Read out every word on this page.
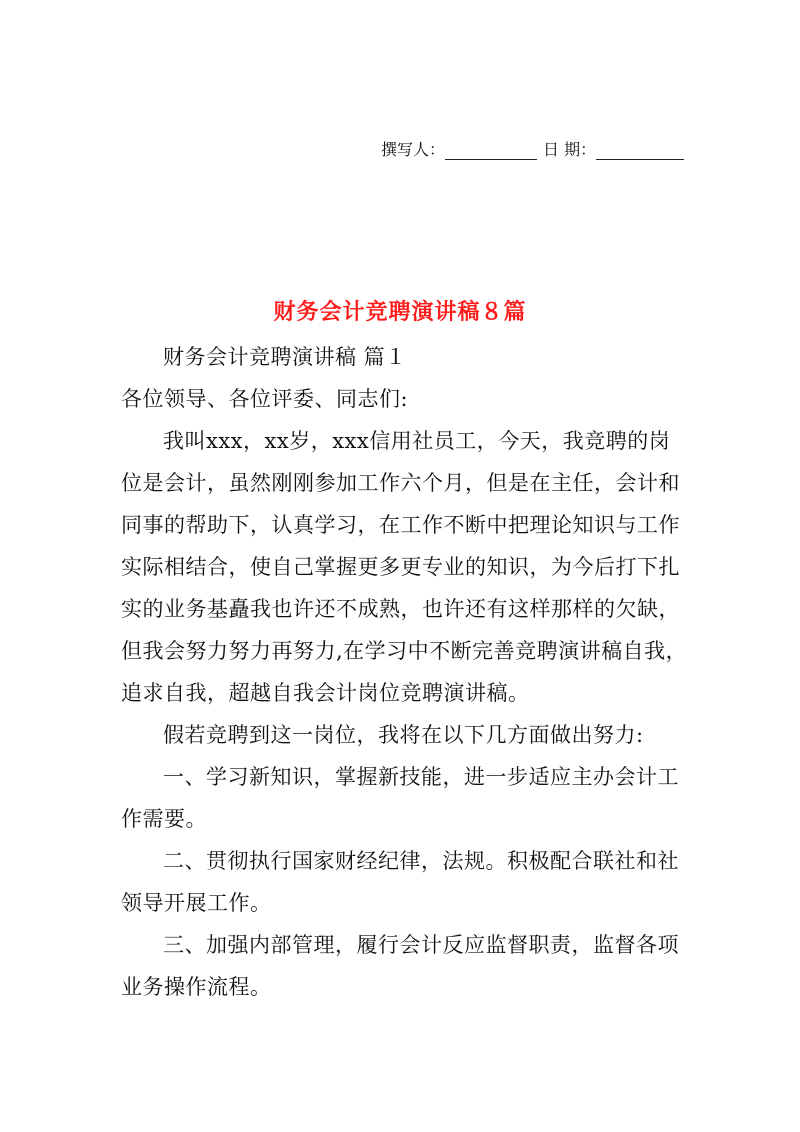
撰写人：	日 期：
财务会计竞聘演讲稿８篇

财务会计竞聘演讲稿 篇１

各位领导、各位评委、同志们:

我叫xxx，xx岁，xxx信用社员工，今天，我竞聘的岗
位是会计，虽然刚刚参加工作六个月，但是在主任，会计和
同事的帮助下，认真学习，在工作不断中把理论知识与工作
实际相结合，使自己掌握更多更专业的知识，为今后打下扎
实的业务基矗我也许还不成熟，也许还有这样那样的欠缺，
但我会努力努力再努力,在学习中不断完善竞聘演讲稿自我，
追求自我，超越自我会计岗位竞聘演讲稿。

假若竞聘到这一岗位，我将在以下几方面做出努力:

一、学习新知识，掌握新技能，进一步适应主办会计工
作需要。

二、贯彻执行国家财经纪律，法规。积极配合联社和社
领导开展工作。

三、加强内部管理，履行会计反应监督职责，监督各项
业务操作流程。
